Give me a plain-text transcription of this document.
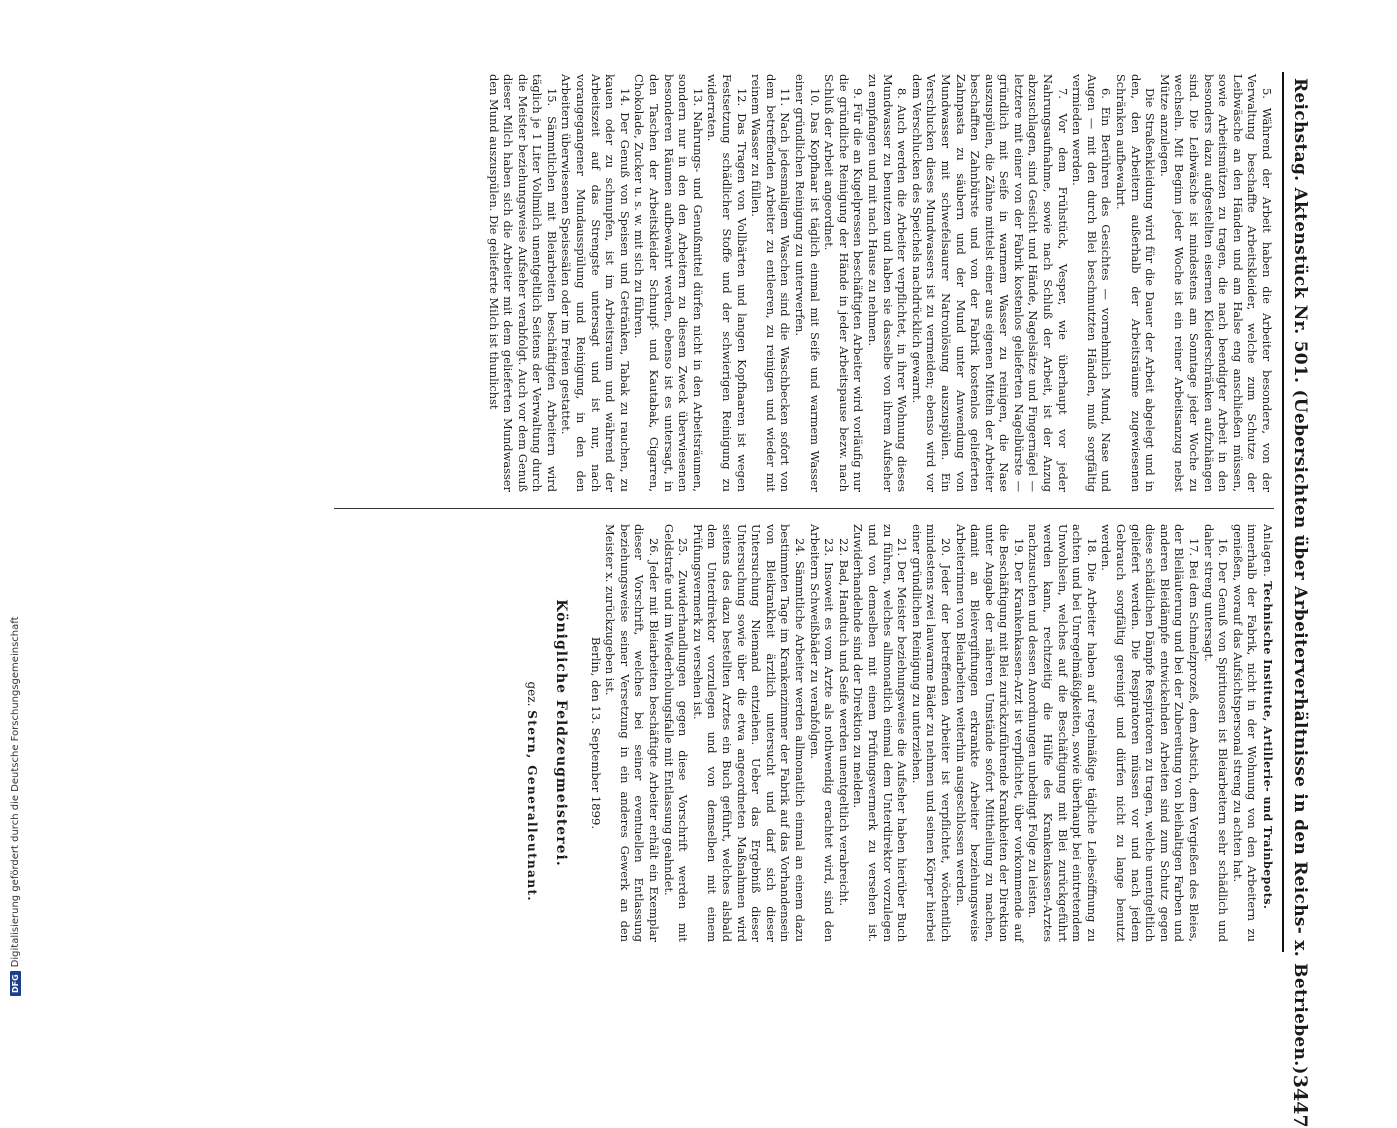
DFG
Digitalisierung gefördert durch die Deutsche Forschungsgemeinschaft	Reichstag. Aktenstück Nr. 501. (Uebersichten über Arbeiterverhältnisse in den Reichs- x. Betrieben.)
3447

5. Während der Arbeit haben die Arbeiter besondere, von der Verwaltung beschaffte Arbeitskleider, welche zum Schutze der Leibwäsche an den Händen und am Halse eng anschließen müssen, sowie Arbeitsmützen zu tragen, die nach beendigter Arbeit in den besonders dazu aufgestellten eisernen Kleiderschränken aufzuhängen sind. Die Leibwäsche ist mindestens am Sonntage jeder Woche zu wechseln. Mit Beginn jeder Woche ist ein reiner Arbeitsanzug nebst Mütze anzulegen.

Die Straßenkleidung wird für die Dauer der Arbeit abgelegt und in den, den Arbeitern außerhalb der Arbeitsräume zugewiesenen Schränken aufbewahrt.

6. Ein Berühren des Gesichtes — vornehmlich Mund, Nase und Augen — mit den durch Blei beschmutzten Händen, muß sorgfältig vermieden werden.

7. Vor dem Frühstück, Vesper, wie überhaupt vor jeder Nahrungsaufnahme, sowie nach Schluß der Arbeit, ist der Anzug abzuschlagen, sind Gesicht und Hände, Nagelsätze und Fingernägel — letztere mit einer von der Fabrik kostenlos gelieferten Nagelbürste — gründlich mit Seife in warmem Wasser zu reinigen, die Nase auszuspülen, die Zähne mittelst einer aus eigenen Mitteln der Arbeiter beschafften Zahnbürste und von der Fabrik kostenlos gelieferten Zahnpasta zu säubern und der Mund unter Anwendung von Mundwasser mit schwefelsaurer Natronlösung auszuspülen. Ein Verschlucken dieses Mundwassers ist zu vermeiden; ebenso wird vor dem Verschlucken des Speichels nachdrücklich gewarnt.

8. Auch werden die Arbeiter verpflichtet, in ihrer Wohnung dieses Mundwasser zu benutzen und haben sie dasselbe von ihrem Aufseher zu empfangen und mit nach Hause zu nehmen.

9. Für die an Kugelpressen beschäftigten Arbeiter wird vorläufig nur die gründliche Reinigung der Hände in jeder Arbeitspause bezw. nach Schluß der Arbeit angeordnet.

10. Das Kopfhaar ist täglich einmal mit Seife und warmem Wasser einer gründlichen Reinigung zu unterwerfen.

11. Nach jedesmaligem Waschen sind die Waschbecken sofort von dem betreffenden Arbeiter zu entleeren, zu reinigen und wieder mit reinem Wasser zu füllen.

12. Das Tragen von Vollbärten und langen Kopfhaaren ist wegen Festsetzung schädlicher Stoffe und der schwierigen Reinigung zu widerraten.

13. Nahrungs- und Genußmittel dürfen nicht in den Arbeitsräumen, sondern nur in den den Arbeitern zu diesem Zweck überwiesenen besonderen Räumen aufbewahrt werden, ebenso ist es untersagt, in den Taschen der Arbeitskleider Schnupf- und Kautabak, Cigarren, Chokolade, Zucker u. s. w. mit sich zu führen.

14. Der Genuß von Speisen und Getränken, Tabak zu rauchen, zu kauen oder zu schnupfen, ist im Arbeitsraum und während der Arbeitszeit auf das Strengste untersagt und ist nur, nach vorangegangener Mundausspülung und Reinigung, in den den Arbeitern überwiesenen Speisesälen oder im Freien gestattet.

15. Sämmtlichen mit Bleiarbeiten beschäftigten Arbeitern wird täglich je 1 Liter Vollmilch unentgeltlich Seitens der Verwaltung durch die Meister beziehungsweise Aufseher verabfolgt. Auch vor dem Genuß dieser Milch haben sich die Arbeiter mit dem gelieferten Mundwasser den Mund auszuspülen. Die gelieferte Milch ist thunlichst

Anlagen. Technische Institute, Artillerie- und Trainbepots.

innerhalb der Fabrik, nicht in der Wohnung von den Arbeitern zu genießen, worauf das Aufsichtspersonal streng zu achten hat.

16. Der Genuß von Spirituosen ist Bleiarbeitern sehr schädlich und daher streng untersagt.

17. Bei dem Schmelzprozeß, dem Abstich, dem Vergießen des Bleies, der Bleiläuterung und bei der Zubereitung von bleihaltigen Farben und anderen Bleidämpfe entwickelnden Arbeiten sind zum Schutz gegen diese schädlichen Dämpfe Respiratoren zu tragen, welche unentgeltlich geliefert werden. Die Respiratoren müssen vor und nach jedem Gebrauch sorgfältig gereinigt und dürfen nicht zu lange benutzt werden.

18. Die Arbeiter haben auf regelmäßige tägliche Leibesöffnung zu achten und bei Unregelmäßigkeiten, sowie überhaupt bei eintretendem Unwohlsein, welches auf die Beschäftigung mit Blei zurückgeführt werden kann, rechtzeitig die Hülfe des Krankenkassen-Arztes nachzusuchen und dessen Anordnungen unbedingt Folge zu leisten.

19. Der Krankenkassen-Arzt ist verpflichtet, über vorkommende auf die Beschäftigung mit Blei zurückzuführende Krankheiten der Direktion unter Angabe der näheren Umstände sofort Mittheilung zu machen, damit an Bleivergiftungen erkrankte Arbeiter beziehungsweise Arbeiterinnen von Bleiarbeiten weiterhin ausgeschlossen werden.

20. Jeder der betreffenden Arbeiter ist verpflichtet, wöchentlich mindestens zwei lauwarme Bäder zu nehmen und seinen Körper hierbei einer gründlichen Reinigung zu unterziehen.

21. Der Meister beziehungsweise die Aufseher haben hierüber Buch zu führen, welches allmonatlich einmal dem Unterdirektor vorzulegen und von demselben mit einem Prüfungsvermerk zu versehen ist. Zuwiderhandelnde sind der Direktion zu melden.

22. Bad, Handtuch und Seife werden unentgeltlich verabreicht.

23. Insoweit es vom Arzte als nothwendig erachtet wird, sind den Arbeitern Schweißbäder zu verabfolgen.

24. Sämmtliche Arbeiter werden allmonatlich einmal an einem dazu bestimmten Tage im Krankenzimmer der Fabrik auf das Vorhandensein von Bleikrankheit ärztlich untersucht und darf sich dieser Untersuchung Niemand entziehen. Ueber das Ergebniß dieser Untersuchung sowie über die etwa angeordneten Maßnahmen wird seitens des dazu bestellten Arztes ein Buch geführt, welches alsbald dem Unterdirektor vorzulegen und von demselben mit einem Prüfungsvermerk zu versehen ist.

25. Zuwiderhandlungen gegen diese Vorschrift werden mit Geldstrafe und im Wiederholungsfalle mit Entlassung geahndet.

26. Jeder mit Bleiarbeiten beschäftigte Arbeiter erhält ein Exemplar dieser Vorschrift, welches bei seiner eventuellen Entlassung beziehungsweise seiner Versetzung in ein anderes Gewerk an den Meister x. zurückzugeben ist.

Berlin, den 13. September 1899.

Königliche Feldzeugmeisterei.
gez. Stern, Generalleutnant.
